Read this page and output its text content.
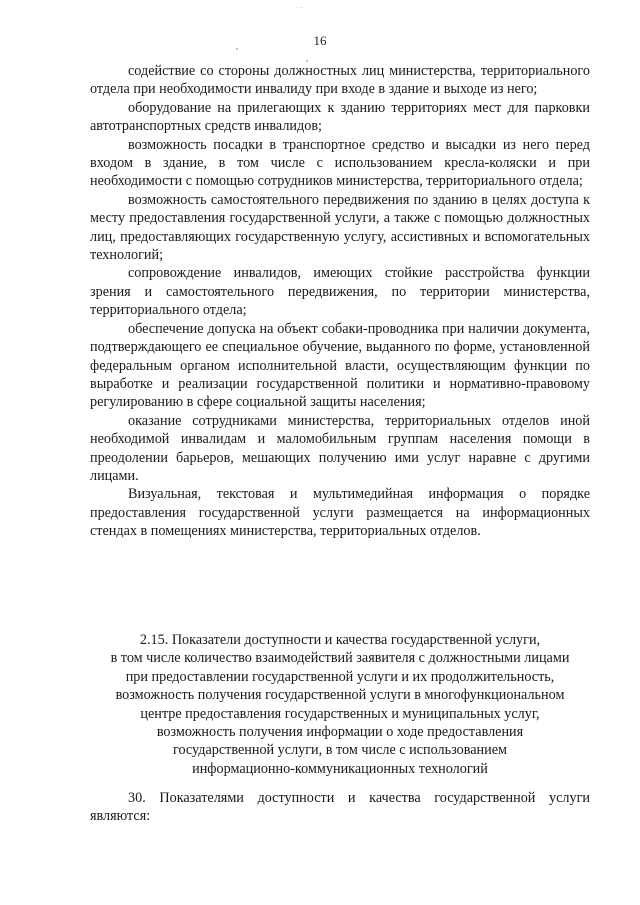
...
16

содействие со стороны должностных лиц министерства, территориального отдела при необходимости инвалиду при входе в здание и выходе из него;

оборудование на прилегающих к зданию территориях мест для парковки автотранспортных средств инвалидов;

возможность посадки в транспортное средство и высадки из него перед входом в здание, в том числе с использованием кресла-коляски и при необходимости с помощью сотрудников министерства, территориального отдела;

возможность самостоятельного передвижения по зданию в целях доступа к месту предоставления государственной услуги, а также с помощью должностных лиц, предоставляющих государственную услугу, ассистивных и вспомогательных технологий;

сопровождение инвалидов, имеющих стойкие расстройства функции зрения и самостоятельного передвижения, по территории министерства, территориального отдела;

обеспечение допуска на объект собаки-проводника при наличии документа, подтверждающего ее специальное обучение, выданного по форме, установленной федеральным органом исполнительной власти, осуществляющим функции по выработке и реализации государственной политики и нормативно-правовому регулированию в сфере социальной защиты населения;

оказание сотрудниками министерства, территориальных отделов иной необходимой инвалидам и маломобильным группам населения помощи в преодолении барьеров, мешающих получению ими услуг наравне с другими лицами.

Визуальная, текстовая и мультимедийная информация о порядке предоставления государственной услуги размещается на информационных стендах в помещениях министерства, территориальных отделов.

2.15. Показатели доступности и качества государственной услуги,
в том числе количество взаимодействий заявителя с должностными лицами
при предоставлении государственной услуги и их продолжительность,
возможность получения государственной услуги в многофункциональном
центре предоставления государственных и муниципальных услуг,
возможность получения информации о ходе предоставления
государственной услуги, в том числе с использованием
информационно-коммуникационных технологий

30. Показателями доступности и качества государственной услуги являются:
